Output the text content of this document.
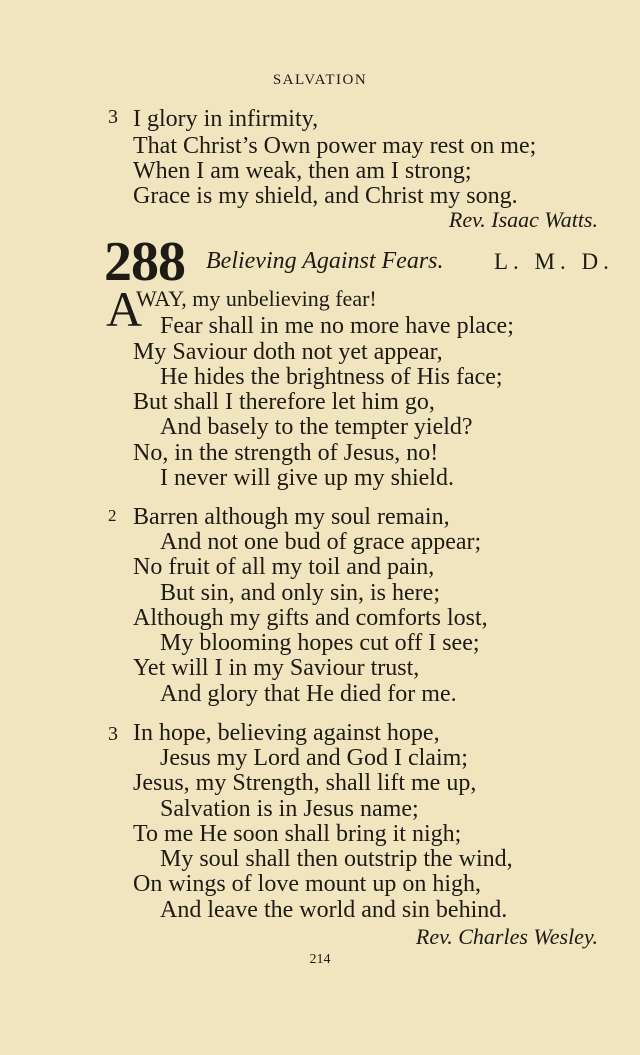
SALVATION
3 I glory in infirmity,
That Christ’s Own power may rest on me;
When I am weak, then am I strong;
Grace is my shield, and Christ my song.
Rev. Isaac Watts.
288 Believing Against Fears. L. M. D.
A
WAY, my unbelieving fear!
Fear shall in me no more have place;
My Saviour doth not yet appear,
He hides the brightness of His face;
But shall I therefore let him go,
And basely to the tempter yield?
No, in the strength of Jesus, no!
I never will give up my shield.
2 Barren although my soul remain,
And not one bud of grace appear;
No fruit of all my toil and pain,
But sin, and only sin, is here;
Although my gifts and comforts lost,
My blooming hopes cut off I see;
Yet will I in my Saviour trust,
And glory that He died for me.
3 In hope, believing against hope,
Jesus my Lord and God I claim;
Jesus, my Strength, shall lift me up,
Salvation is in Jesus name;
To me He soon shall bring it nigh;
My soul shall then outstrip the wind,
On wings of love mount up on high,
And leave the world and sin behind.
Rev. Charles Wesley.
214
